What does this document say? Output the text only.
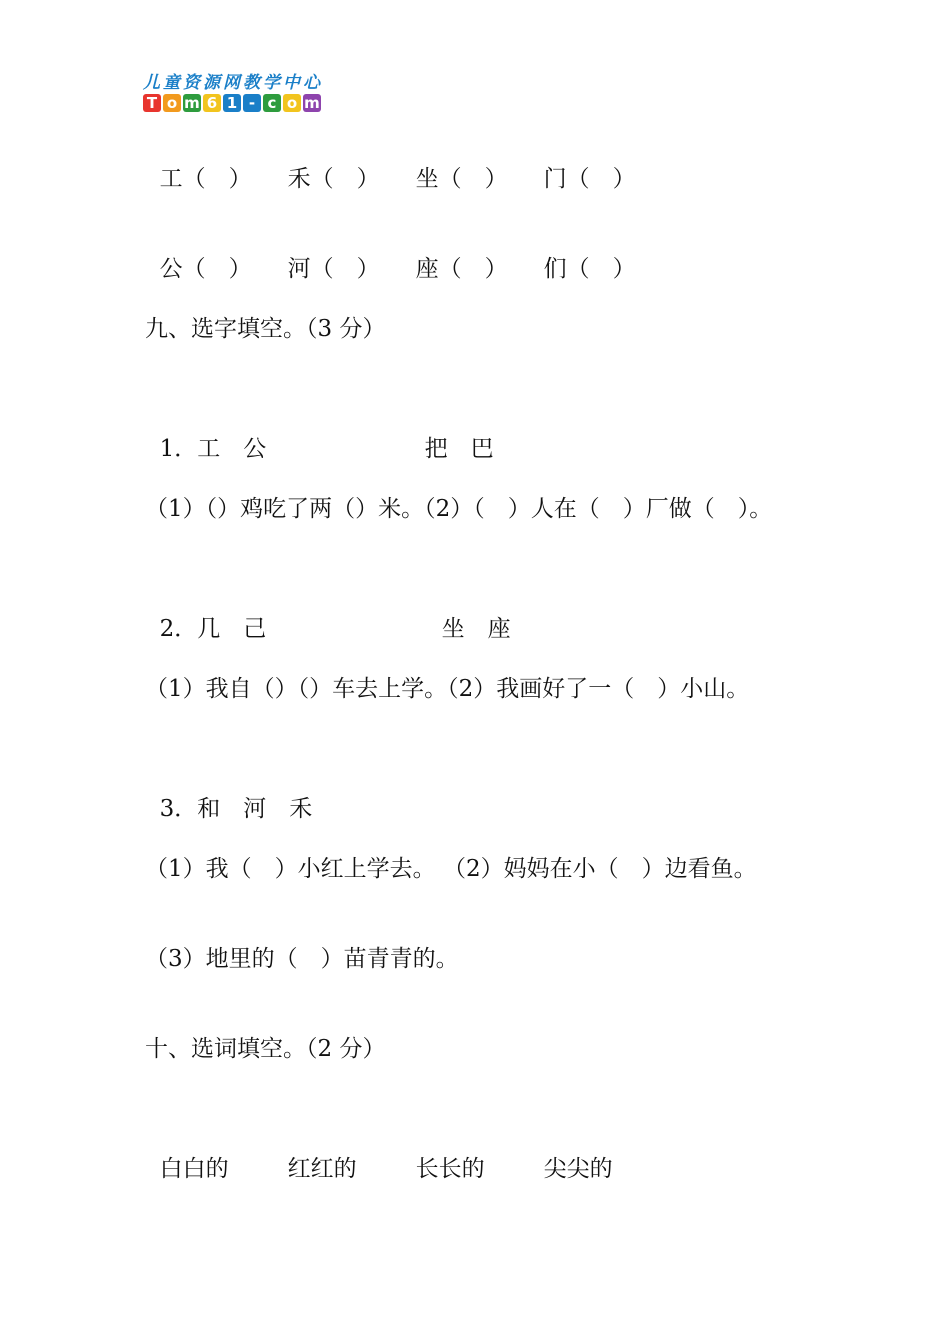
儿童资源网教学中心
T o m 6 1 - c o m

工（　） 禾（　） 坐（　） 门（　）

公（　） 河（　） 座（　） 们（　）

九、选字填空。（3 分）

1．工　公	把　巴

（1）（）鸡吃了两（）米。（2）（　）人在（　）厂做（　）。

2．几　己	坐　座

（1）我自（）（）车去上学。（2）我画好了一（　）小山。

3．和　河　禾

（1）我（　）小红上学去。 （2）妈妈在小（　）边看鱼。
（3）地里的（　）苗青青的。
十、选词填空。（2 分）

白白的	红红的	长长的	尖尖的
